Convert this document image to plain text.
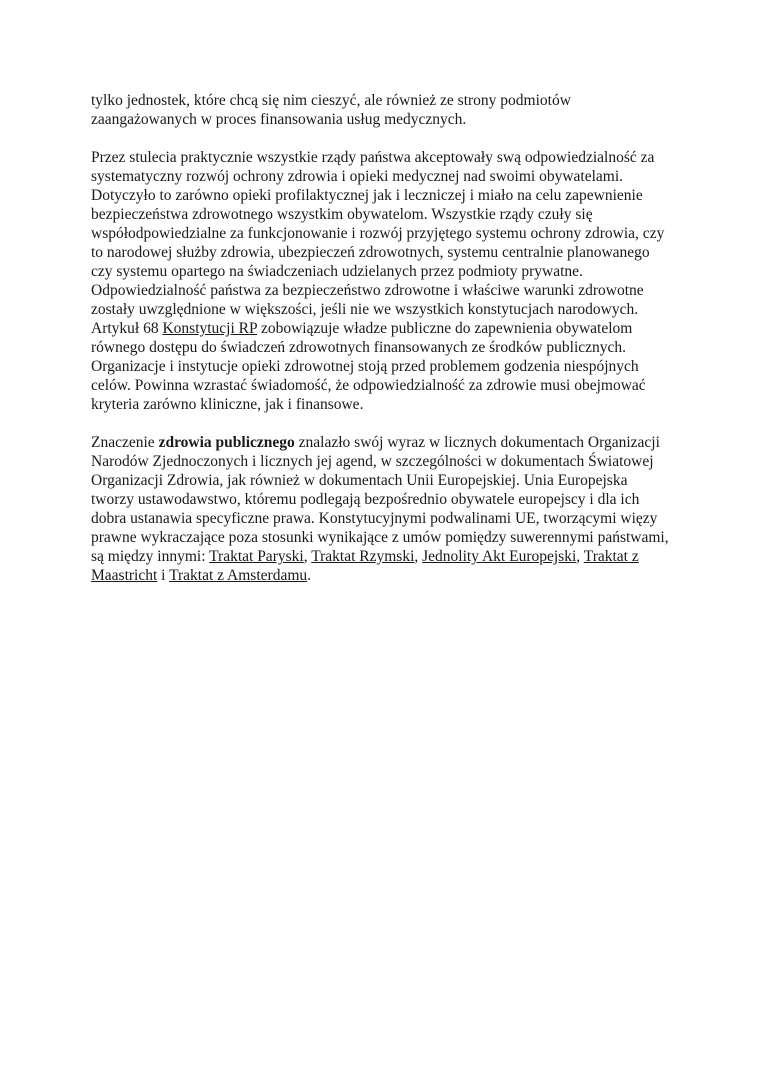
tylko jednostek, które chcą się nim cieszyć, ale również ze strony podmiotów zaangażowanych w proces finansowania usług medycznych.

Przez stulecia praktycznie wszystkie rządy państwa akceptowały swą odpowiedzialność za systematyczny rozwój ochrony zdrowia i opieki medycznej nad swoimi obywatelami. Dotyczyło to zarówno opieki profilaktycznej jak i leczniczej i miało na celu zapewnienie bezpieczeństwa zdrowotnego wszystkim obywatelom. Wszystkie rządy czuły się współodpowiedzialne za funkcjonowanie i rozwój przyjętego systemu ochrony zdrowia, czy to narodowej służby zdrowia, ubezpieczeń zdrowotnych, systemu centralnie planowanego czy systemu opartego na świadczeniach udzielanych przez podmioty prywatne. Odpowiedzialność państwa za bezpieczeństwo zdrowotne i właściwe warunki zdrowotne zostały uwzględnione w większości, jeśli nie we wszystkich konstytucjach narodowych. Artykuł 68 Konstytucji RP zobowiązuje władze publiczne do zapewnienia obywatelom równego dostępu do świadczeń zdrowotnych finansowanych ze środków publicznych. Organizacje i instytucje opieki zdrowotnej stoją przed problemem godzenia niespójnych celów. Powinna wzrastać świadomość, że odpowiedzialność za zdrowie musi obejmować kryteria zarówno kliniczne, jak i finansowe.

Znaczenie zdrowia publicznego znalazło swój wyraz w licznych dokumentach Organizacji Narodów Zjednoczonych i licznych jej agend, w szczególności w dokumentach Światowej Organizacji Zdrowia, jak również w dokumentach Unii Europejskiej. Unia Europejska tworzy ustawodawstwo, któremu podlegają bezpośrednio obywatele europejscy i dla ich dobra ustanawia specyficzne prawa. Konstytucyjnymi podwalinami UE, tworzącymi więzy prawne wykraczające poza stosunki wynikające z umów pomiędzy suwerennymi państwami, są między innymi: Traktat Paryski, Traktat Rzymski, Jednolity Akt Europejski, Traktat z Maastricht i Traktat z Amsterdamu.
